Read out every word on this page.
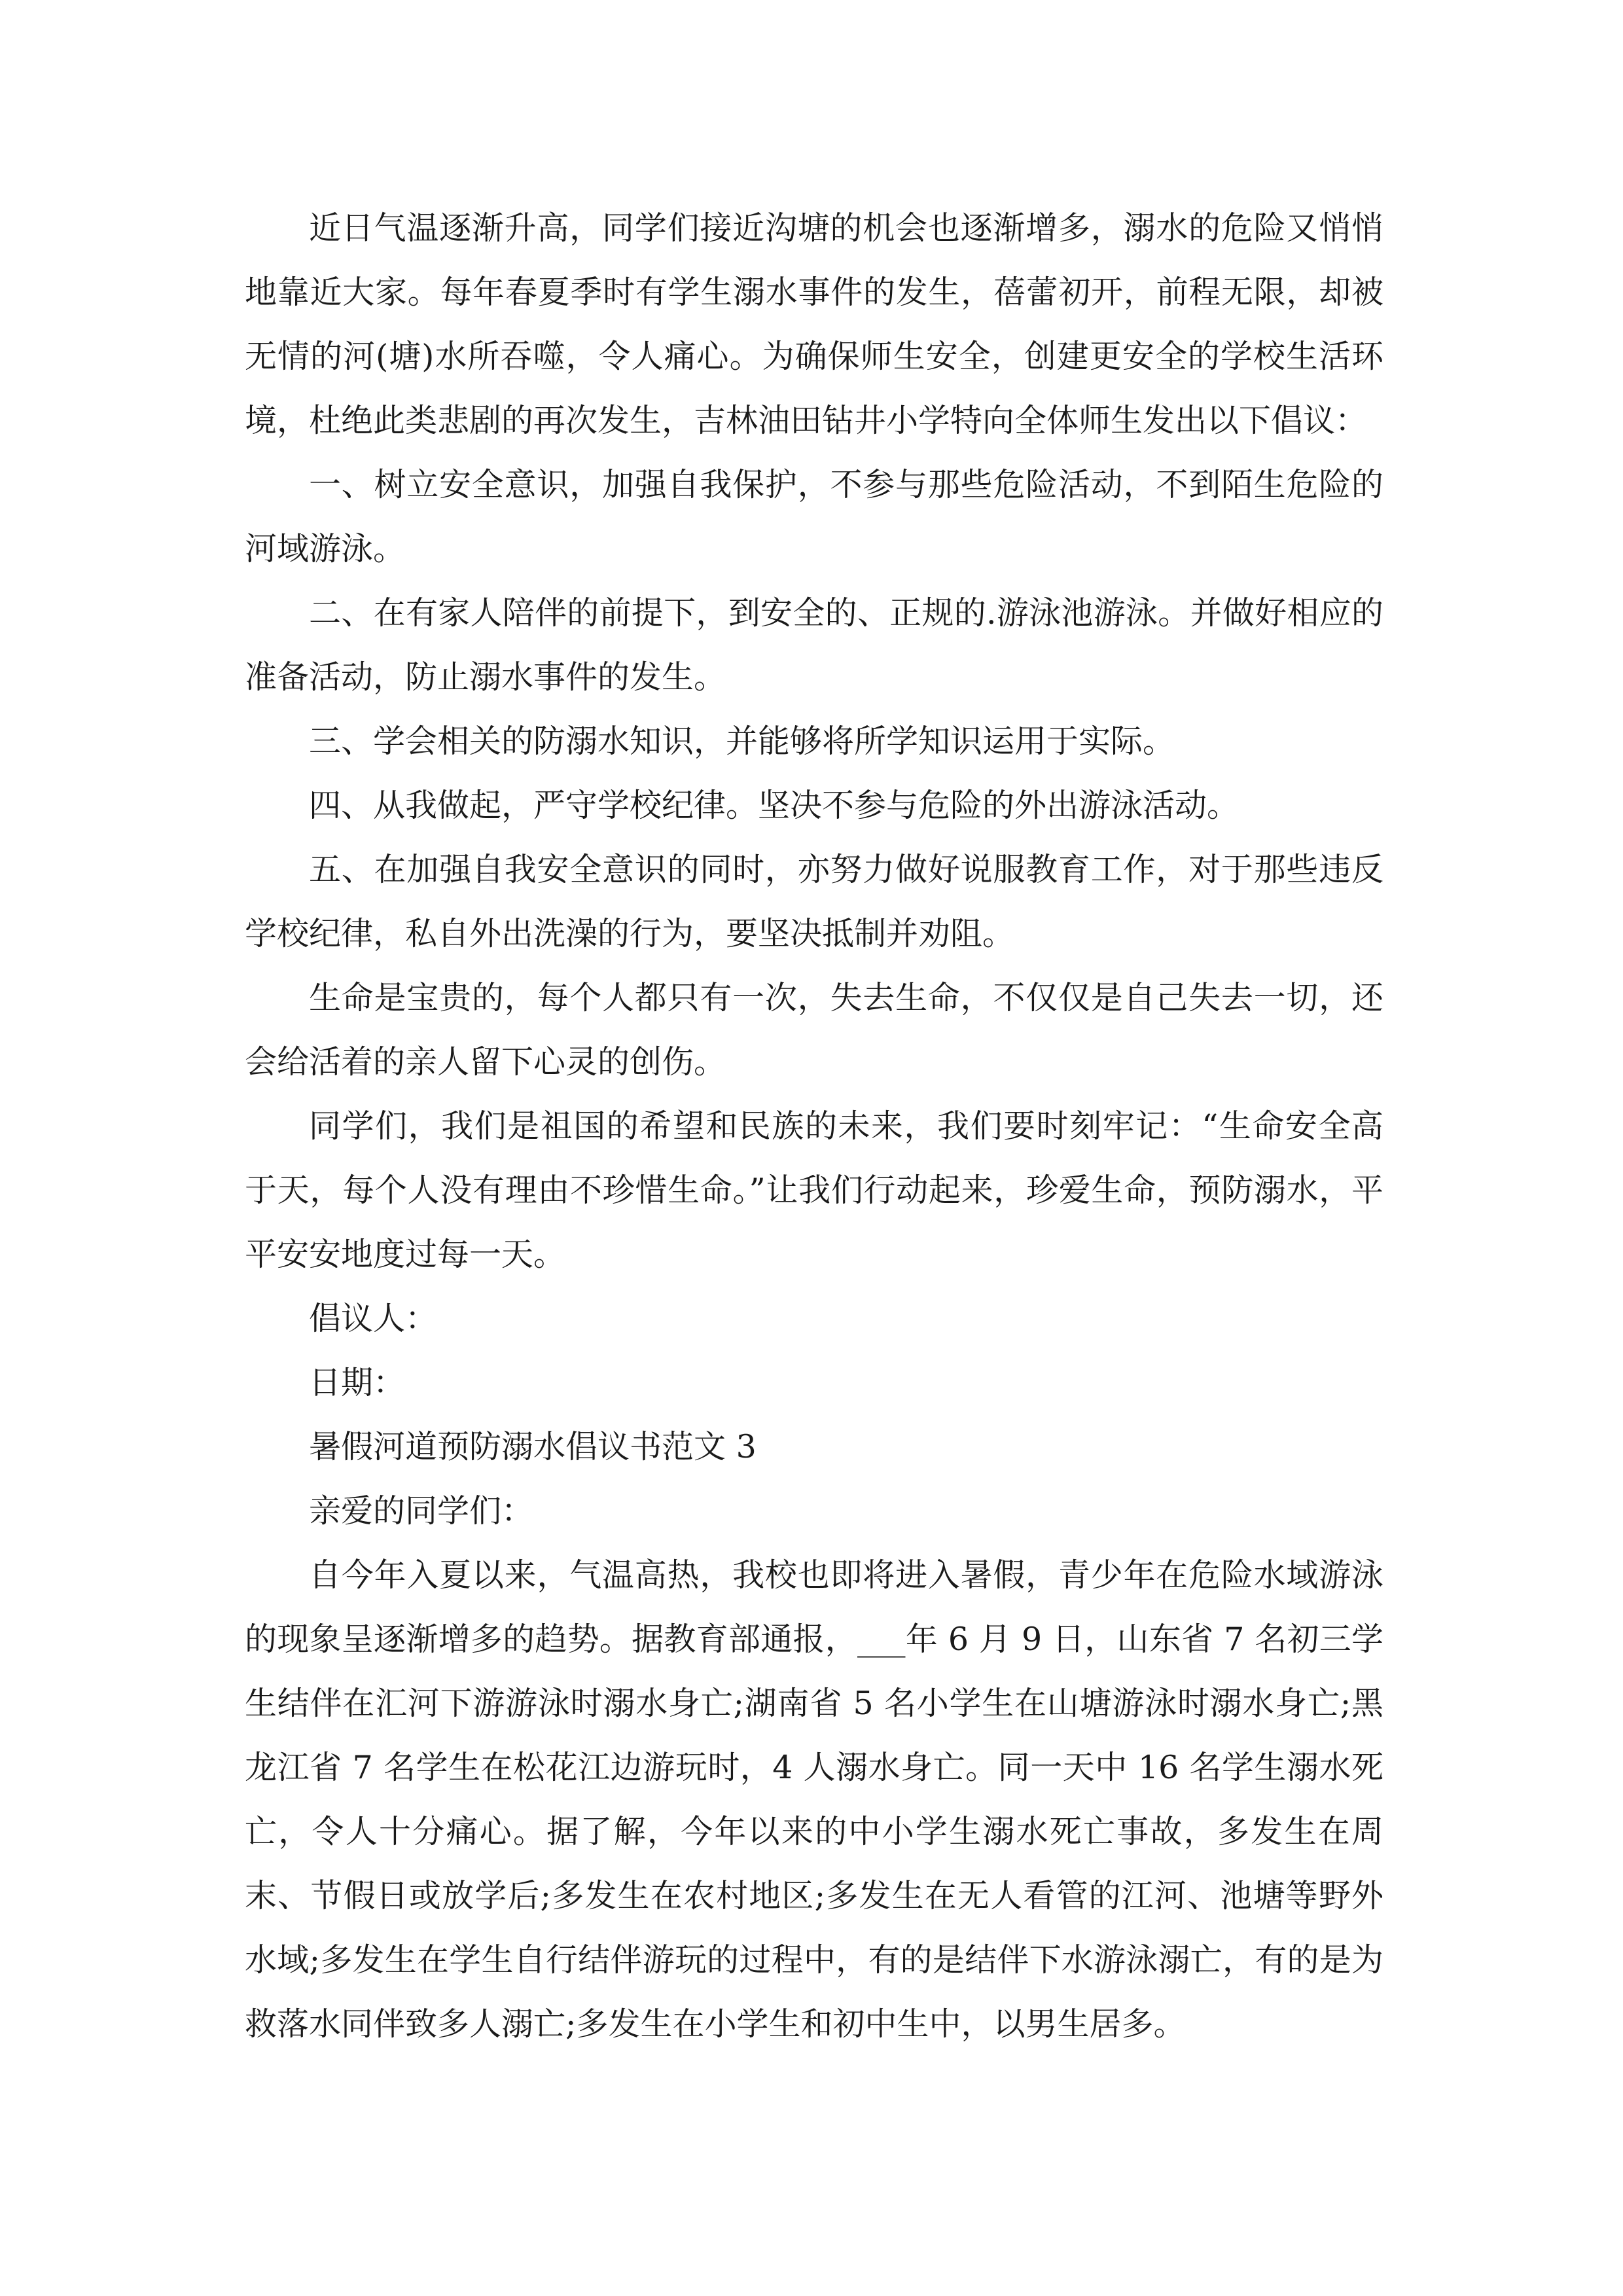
近日气温逐渐升高，同学们接近沟塘的机会也逐渐增多，溺水的危险又悄悄地靠近大家。每年春夏季时有学生溺水事件的发生，蓓蕾初开，前程无限，却被无情的河(塘)水所吞噬，令人痛心。为确保师生安全，创建更安全的学校生活环境，杜绝此类悲剧的再次发生，吉林油田钻井小学特向全体师生发出以下倡议：

一、树立安全意识，加强自我保护，不参与那些危险活动，不到陌生危险的河域游泳。

二、在有家人陪伴的前提下，到安全的、正规的.游泳池游泳。并做好相应的准备活动，防止溺水事件的发生。

三、学会相关的防溺水知识，并能够将所学知识运用于实际。

四、从我做起，严守学校纪律。坚决不参与危险的外出游泳活动。

五、在加强自我安全意识的同时，亦努力做好说服教育工作，对于那些违反学校纪律，私自外出洗澡的行为，要坚决抵制并劝阻。

生命是宝贵的，每个人都只有一次，失去生命，不仅仅是自己失去一切，还会给活着的亲人留下心灵的创伤。

同学们，我们是祖国的希望和民族的未来，我们要时刻牢记：“生命安全高于天，每个人没有理由不珍惜生命。”让我们行动起来，珍爱生命，预防溺水，平平安安地度过每一天。

倡议人：

日期：

暑假河道预防溺水倡议书范文 3

亲爱的同学们：

自今年入夏以来，气温高热，我校也即将进入暑假，青少年在危险水域游泳的现象呈逐渐增多的趋势。据教育部通报，___年 6 月 9 日，山东省 7 名初三学生结伴在汇河下游游泳时溺水身亡;湖南省 5 名小学生在山塘游泳时溺水身亡;黑龙江省 7 名学生在松花江边游玩时，4 人溺水身亡。同一天中 16 名学生溺水死亡，令人十分痛心。据了解，今年以来的中小学生溺水死亡事故，多发生在周末、节假日或放学后;多发生在农村地区;多发生在无人看管的江河、池塘等野外水域;多发生在学生自行结伴游玩的过程中，有的是结伴下水游泳溺亡，有的是为救落水同伴致多人溺亡;多发生在小学生和初中生中，以男生居多。
